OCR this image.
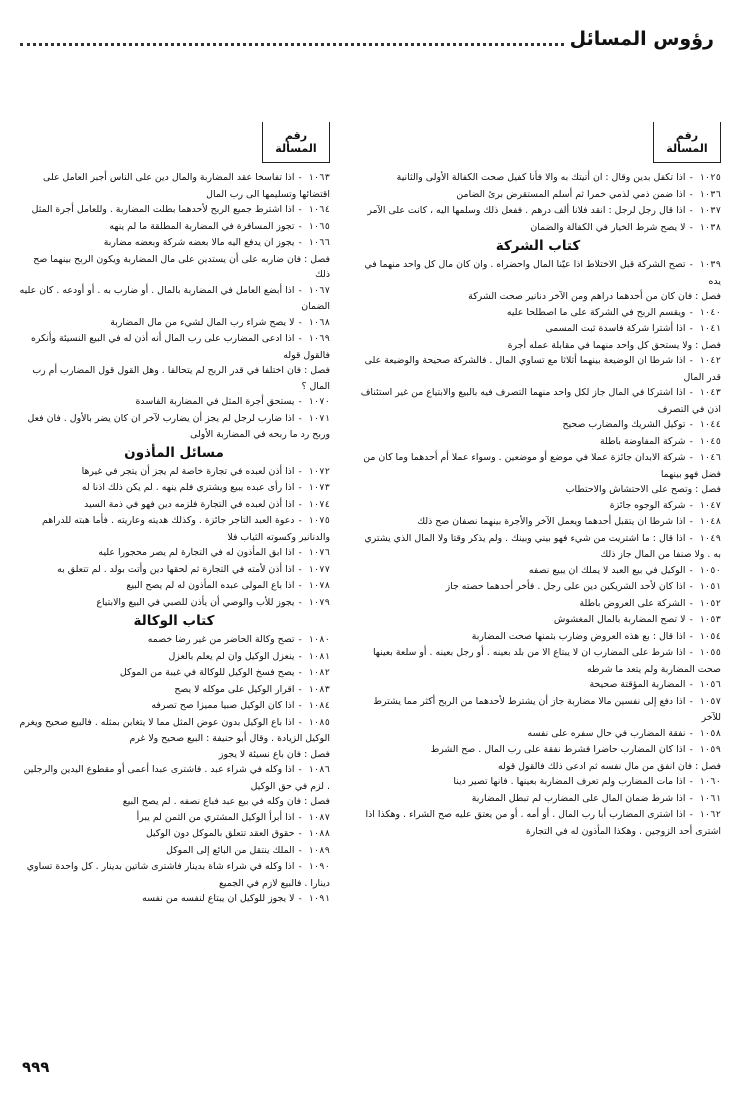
رؤوس المسائل
رقم
المسألة
١٠٢٥ -اذا تكفل بدين وقال : ان أتيتك به والا فأنا كفيل صحت الكفالة الأولى والثانية
١٠٣٦ -اذا ضمن ذمي لذمي خمرا ثم أسلم المستقرض برئ الضامن
١٠٣٧ -اذا قال رجل لرجل : انقد فلانا ألف درهم . ففعل ذلك وسلمها اليه ، كانت على الآمر
١٠٣٨ -لا يصح شرط الخيار في الكفالة والضمان
كتاب الشركة
١٠٣٩ -تصح الشركة قبل الاختلاط اذا عيّنا المال واحضراه . وان كان مال كل واحد منهما في يده
فصل : فان كان من أحدهما دراهم ومن الآخر دنانير صحت الشركة
١٠٤٠ -ويقسم الربح في الشركة على ما اصطلحا عليه
١٠٤١ -اذا أشترا شركة فاسدة ثبت المسمى
فصل : ولا يستحق كل واحد منهما في مقابلة عمله أجرة
١٠٤٢ -اذا شرطا ان الوضيعة بينهما أثلاثا مع تساوي المال . فالشركة صحيحة والوضيعة على قدر المال
١٠٤٣ -اذا اشتركا في المال جاز لكل واحد منهما التصرف فيه بالبيع والابتياع من غير استئناف اذن في التصرف
١٠٤٤ -توكيل الشريك والمضارب صحيح
١٠٤٥ -شركة المفاوضة باطلة
١٠٤٦ -شركة الابدان جائزة عملا في موضع أو موضعين . وسواء عملا أم أحدهما وما كان من فضل فهو بينهما
فصل : وتصح على الاحتشاش والاحتطاب
١٠٤٧ -شركة الوجوه جائزة
١٠٤٨ -اذا شرطا ان يتقبل أحدهما ويعمل الآخر والأجرة بينهما نصفان صح ذلك
١٠٤٩ -اذا قال : ما اشتريت من شيء فهو بيني وبينك . ولم يذكر وقتا ولا المال الذي يشتري به . ولا صنفا من المال جاز ذلك
١٠٥٠ -الوكيل في بيع العبد لا يملك ان يبيع نصفه
١٠٥١ -اذا كان لأحد الشريكين دين على رجل . فأخر أحدهما حصته جاز
١٠٥٢ -الشركة على العروض باطلة
١٠٥٣ -لا تصح المضاربة بالمال المغشوش
١٠٥٤ -اذا قال : بع هذه العروض وضارب بثمنها صحت المضاربة
١٠٥٥ -اذا شرط على المضارب ان لا يبتاع الا من بلد بعينه . أو رجل بعينه . أو سلعة بعينها صحت المضاربة ولم يتعد ما شرطه
١٠٥٦ -المضاربة المؤقتة صحيحة
١٠٥٧ -اذا دفع إلى نفسين مالا مضاربة جاز أن يشترط لأحدهما من الربح أكثر مما يشترط للآخر
١٠٥٨ -نفقة المضارب في حال سفره على نفسه
١٠٥٩ -اذا كان المضارب حاضرا فشرط نفقة على رب المال . صح الشرط
فصل : فان انفق من مال نفسه ثم ادعى ذلك فالقول قوله
١٠٦٠ -اذا مات المضارب ولم تعرف المضاربة بعينها . فانها تصير دينا
١٠٦١ -اذا شرط ضمان المال على المضارب لم تبطل المضاربة
١٠٦٢ -اذا اشترى المضارب أبا رب المال . أو أمه . أو من يعتق عليه صح الشراء . وهكذا اذا اشترى أحد الزوجين . وهكذا المأذون له في التجارة
رقم
المسألة
١٠٦٣ -اذا تفاسخا عقد المضاربة والمال دين على الناس أجبر العامل على اقتضائها وتسليمها الى رب المال
١٠٦٤ -اذا اشترط جميع الربح لأحدهما بطلت المضاربة . وللعامل أجرة المثل
١٠٦٥ -تجوز المسافرة في المضاربة المطلقة ما لم ينهه
١٠٦٦ -يجوز ان يدفع اليه مالا بعضه شركة وبعضه مضاربة
فصل : فان ضاربه على أن يستدين على مال المضاربة ويكون الربح بينهما صح ذلك
١٠٦٧ -اذا أبضع العامل في المضاربة بالمال . أو ضارب به . أو أودعه . كان عليه الضمان
١٠٦٨ -لا يصح شراء رب المال لشيء من مال المضاربة
١٠٦٩ -اذا ادعى المضارب على رب المال أنه أذن له في البيع النسيئة وأنكره فالقول قوله
فصل : فان اختلفا في قدر الربح لم يتحالفا . وهل القول قول المضارب أم رب المال ؟
١٠٧٠ -يستحق أجرة المثل في المضاربة الفاسدة
١٠٧١ -اذا ضارب لرجل لم يجز أن يضارب لآخر ان كان يضر بالأول . فان فعل وربح رد ما ربحه في المضاربة الأولى
مسائل المأذون
١٠٧٢ -اذا أذن لعبده في تجارة خاصة لم يجز أن يتجر في غيرها
١٠٧٣ -اذا رأى عبده يبيع ويشتري فلم ينهه . لم يكن ذلك اذنا له
١٠٧٤ -اذا أذن لعبده في التجارة فلزمه دين فهو في ذمة السيد
١٠٧٥ -دعوة العبد التاجر جائزة . وكذلك هديته وعاريته . فأما هبته للدراهم والدنانير وكسوته الثياب فلا
١٠٧٦ -اذا ابق المأذون له في التجارة لم يصر محجورا عليه
١٠٧٧ -اذا أذن لأمته في التجارة ثم لحقها دين وأتت بولد . لم تتعلق به
١٠٧٨ -اذا باع المولى عبده المأذون له لم يصح البيع
١٠٧٩ -يجوز للأب والوصي أن يأذن للصبي في البيع والابتياع
كتاب الوكالة
١٠٨٠ -تصح وكالة الحاضر من غير رضا خصمه
١٠٨١ -ينعزل الوكيل وان لم يعلم بالعزل
١٠٨٢ -يصح فسخ الوكيل للوكالة في غيبة من الموكل
١٠٨٣ -اقرار الوكيل على موكله لا يصح
١٠٨٤ -اذا كان الوكيل صبيا مميزا صح تصرفه
١٠٨٥ -اذا باع الوكيل بدون عوض المثل مما لا يتغابن بمثله . فالبيع صحيح ويغرم الوكيل الزيادة . وقال أبو حنيفة : البيع صحيح ولا غرم
فصل : فان باع نسيئة لا يجوز
١٠٨٦ -اذا وكله في شراء عبد . فاشترى عبدا أعمى أو مقطوع اليدين والرجلين . لزم في حق الوكيل
فصل : فان وكله في بيع عبد فباع نصفه . لم يصح البيع
١٠٨٧ -اذا أبرأ الوكيل المشتري من الثمن لم يبرأ
١٠٨٨ -حقوق العقد تتعلق بالموكل دون الوكيل
١٠٨٩ -الملك ينتقل من البائع إلى الموكل
١٠٩٠ -اذا وكله في شراء شاة بدينار فاشترى شاتين بدينار . كل واحدة تساوي دينارا . فالبيع لازم في الجميع
١٠٩١ -لا يجوز للوكيل ان يبتاع لنفسه من نفسه
٩٩٩
